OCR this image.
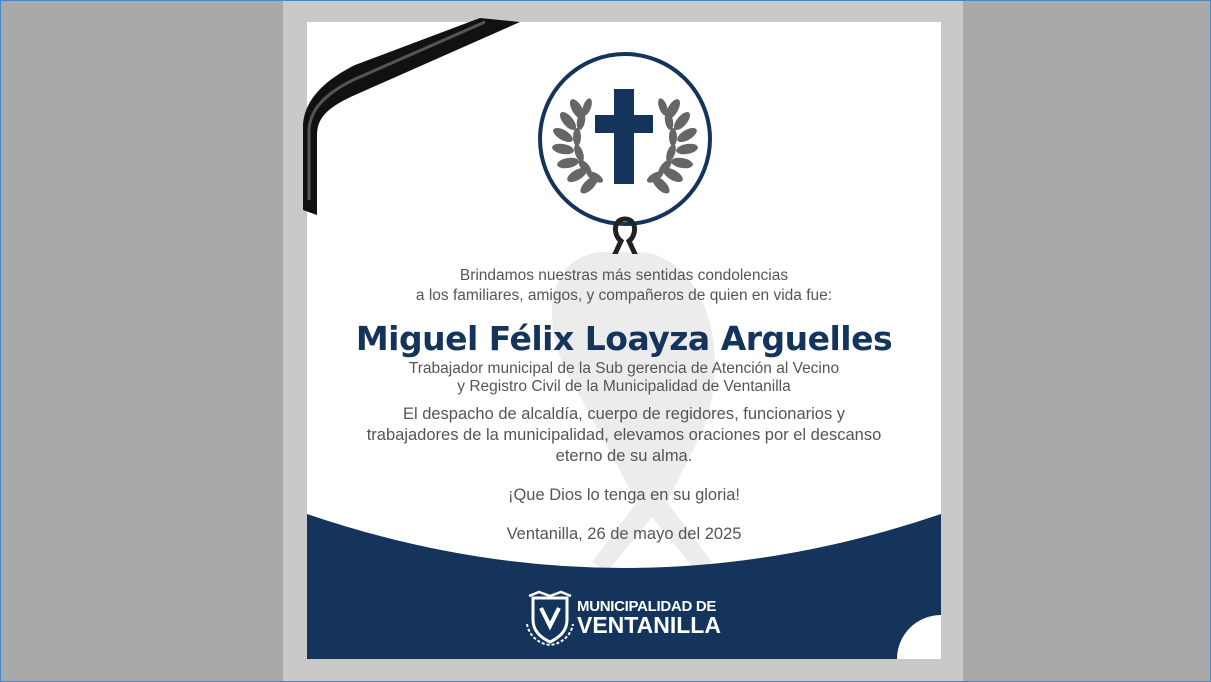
Brindamos nuestras más sentidas condolencias
a los familiares, amigos, y compañeros de quien en vida fue:
Miguel Félix Loayza Arguelles
Trabajador municipal de la Sub gerencia de Atención al Vecino
y Registro Civil de la Municipalidad de Ventanilla
El despacho de alcaldía, cuerpo de regidores, funcionarios y
trabajadores de la municipalidad, elevamos oraciones por el descanso
eterno de su alma.
¡Que Dios lo tenga en su gloria!
Ventanilla, 26 de mayo del 2025
MUNICIPALIDAD DE
VENTANILLA
